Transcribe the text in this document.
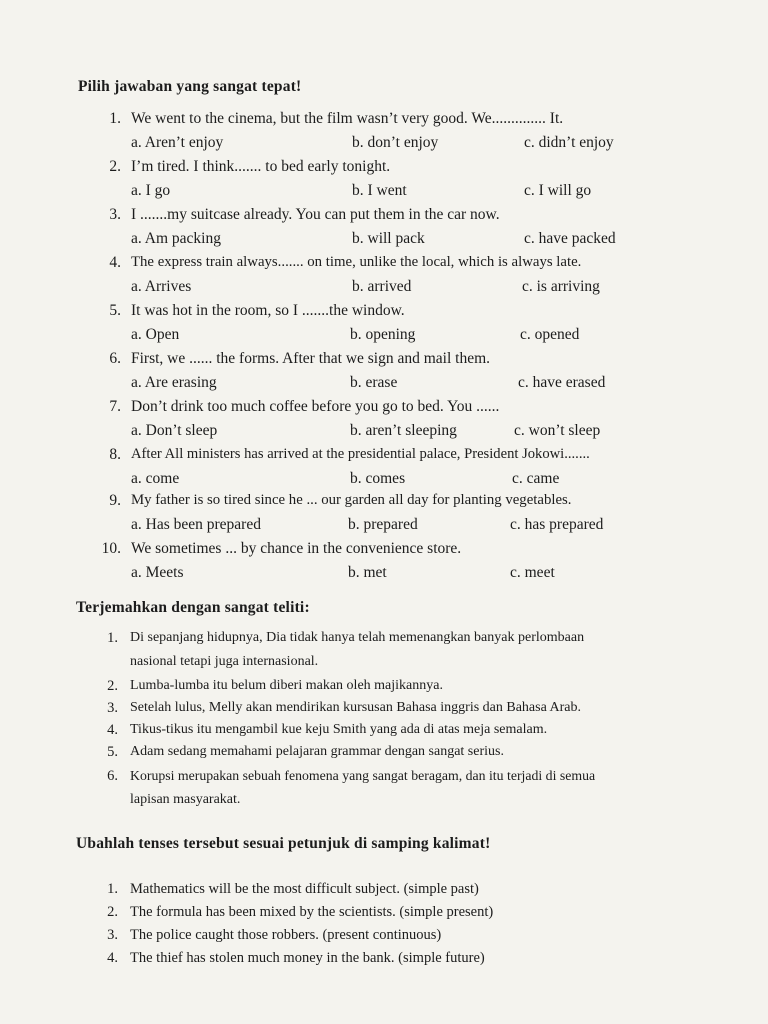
Pilih jawaban yang sangat tepat!
1. We went to the cinema, but the film wasn’t very good. We.............. It.
a. Aren’t enjoy	b. don’t enjoy	c. didn’t enjoy
2. I’m tired. I think....... to bed early tonight.
a. I go	b. I went	c. I will go
3. I .......my suitcase already. You can put them in the car now.
a. Am packing	b. will pack	c. have packed
4. The express train always....... on time, unlike the local, which is always late.
a. Arrives	b. arrived	c. is arriving
5. It was hot in the room, so I .......the window.
a. Open	b. opening	c. opened
6. First, we ...... the forms. After that we sign and mail them.
a. Are erasing	b. erase	c. have erased
7. Don’t drink too much coffee before you go to bed. You ......
a. Don’t sleep	b. aren’t sleeping	c. won’t sleep
8. After All ministers has arrived at the presidential palace, President Jokowi.......
a. come	b. comes	c. came
9. My father is so tired since he ... our garden all day for planting vegetables.
a. Has been prepared	b. prepared	c. has prepared
10. We sometimes ... by chance in the convenience store.
a. Meets	b. met	c. meet
Terjemahkan dengan sangat teliti:
1. Di sepanjang hidupnya, Dia tidak hanya telah memenangkan banyak perlombaan
nasional tetapi juga internasional.
2. Lumba-lumba itu belum diberi makan oleh majikannya.
3. Setelah lulus, Melly akan mendirikan kursusan Bahasa inggris dan Bahasa Arab.
4. Tikus-tikus itu mengambil kue keju Smith yang ada di atas meja semalam.
5. Adam sedang memahami pelajaran grammar dengan sangat serius.
6. Korupsi merupakan sebuah fenomena yang sangat beragam, dan itu terjadi di semua
lapisan masyarakat.
Ubahlah tenses tersebut sesuai petunjuk di samping kalimat!
1. Mathematics will be the most difficult subject. (simple past)
2. The formula has been mixed by the scientists. (simple present)
3. The police caught those robbers. (present continuous)
4. The thief has stolen much money in the bank. (simple future)
